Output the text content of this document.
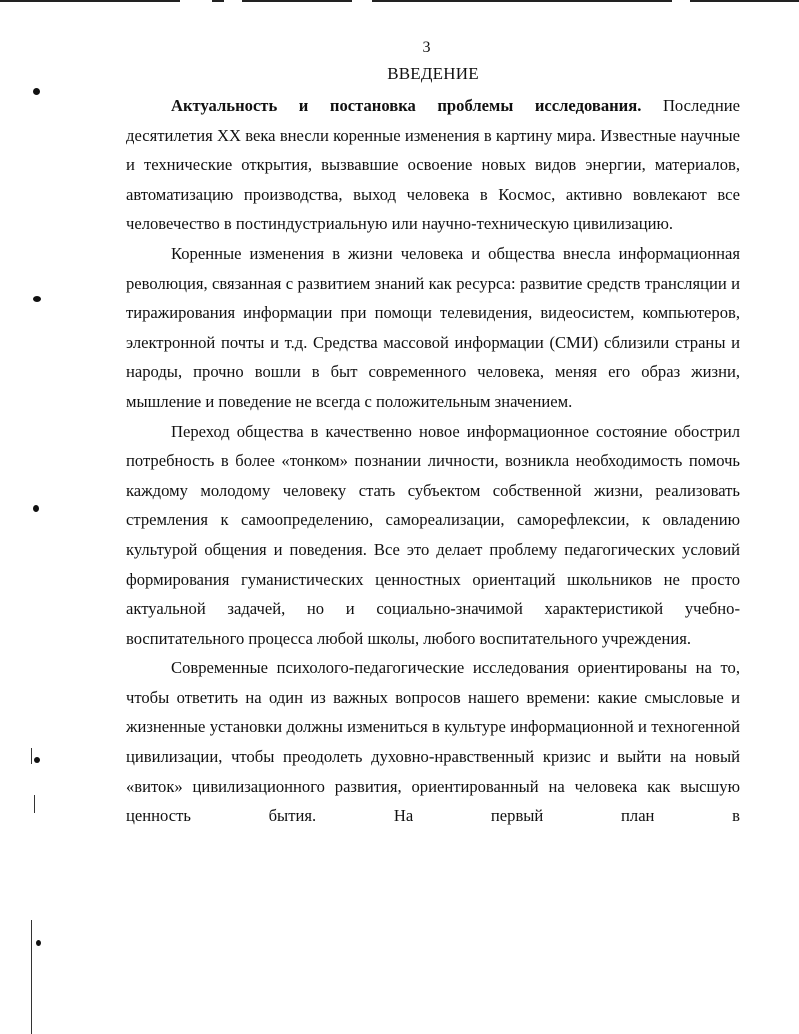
3
ВВЕДЕНИЕ

Актуальность и постановка проблемы исследования. Последние десятилетия XX века внесли коренные изменения в картину мира. Известные научные и технические открытия, вызвавшие освоение новых видов энергии, материалов, автоматизацию производства, выход человека в Космос, активно вовлекают все человечество в постиндустриальную или научно-техническую цивилизацию.

Коренные изменения в жизни человека и общества внесла информационная революция, связанная с развитием знаний как ресурса: развитие средств трансляции и тиражирования информации при помощи телевидения, видеосистем, компьютеров, электронной почты и т.д. Средства массовой информации (СМИ) сблизили страны и народы, прочно вошли в быт современного человека, меняя его образ жизни, мышление и поведение не всегда с положительным значением.

Переход общества в качественно новое информационное состояние обострил потребность в более «тонком» познании личности, возникла необходимость помочь каждому молодому человеку стать субъектом собственной жизни, реализовать стремления к самоопределению, самореализации, саморефлексии, к овладению культурой общения и поведения. Все это делает проблему педагогических условий формирования гуманистических ценностных ориентаций школьников не просто актуальной задачей, но и социально-значимой характеристикой учебно-воспитательного процесса любой школы, любого воспитательного учреждения.

Современные психолого-педагогические исследования ориентированы на то, чтобы ответить на один из важных вопросов нашего времени: какие смысловые и жизненные установки должны измениться в культуре информационной и техногенной цивилизации, чтобы преодолеть духовно-нравственный кризис и выйти на новый «виток» цивилизационного развития, ориентированный на человека как высшую ценность бытия. На первый план в
